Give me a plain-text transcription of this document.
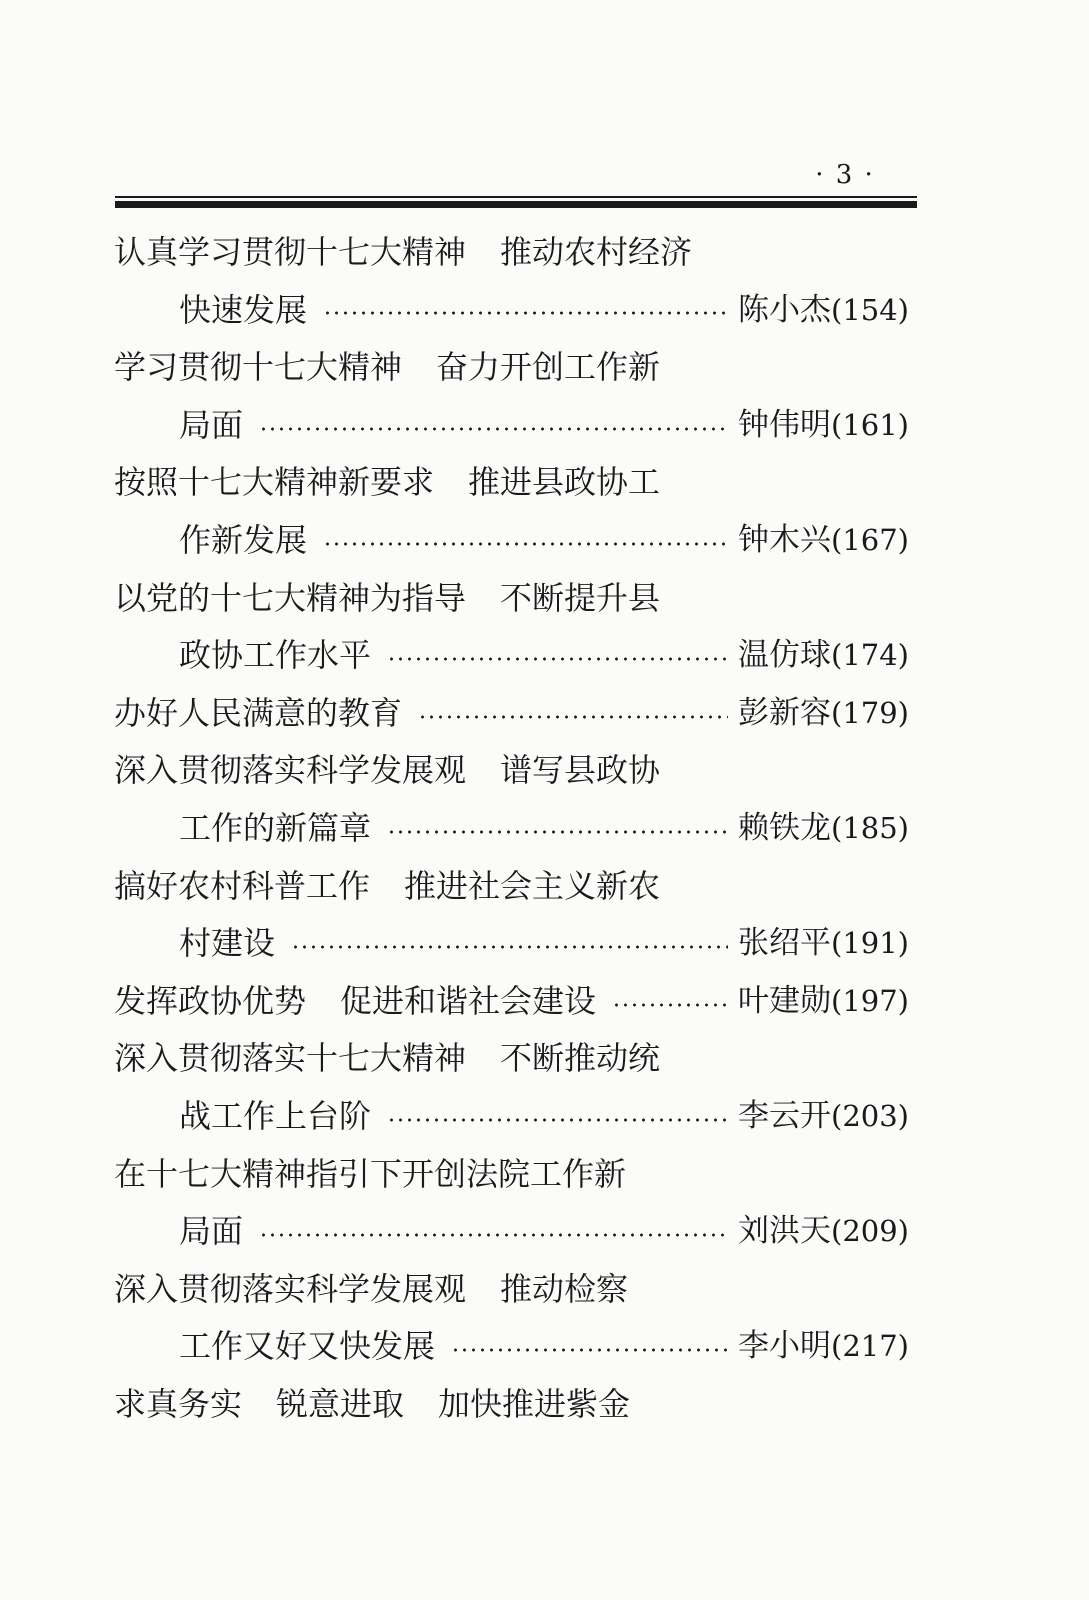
· 3 ·
认真学习贯彻十七大精神 推动农村经济
快速发展	陈小杰(154)
学习贯彻十七大精神 奋力开创工作新
局面	钟伟明(161)
按照十七大精神新要求 推进县政协工
作新发展	钟木兴(167)
以党的十七大精神为指导 不断提升县
政协工作水平	温仿球(174)
办好人民满意的教育	彭新容(179)
深入贯彻落实科学发展观 谱写县政协
工作的新篇章	赖铁龙(185)
搞好农村科普工作 推进社会主义新农
村建设	张绍平(191)
发挥政协优势 促进和谐社会建设	叶建勋(197)
深入贯彻落实十七大精神 不断推动统
战工作上台阶	李云开(203)
在十七大精神指引下开创法院工作新
局面	刘洪天(209)
深入贯彻落实科学发展观 推动检察
工作又好又快发展	李小明(217)
求真务实 锐意进取 加快推进紫金
